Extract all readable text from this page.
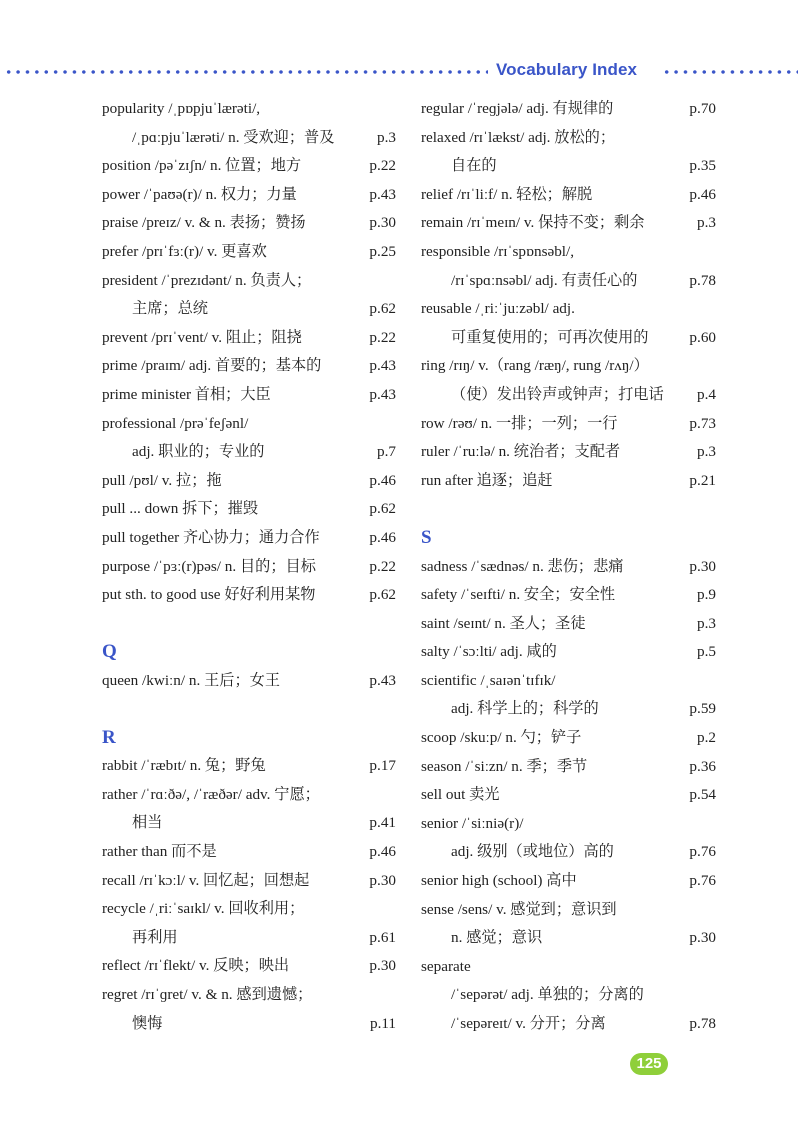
Vocabulary Index
popularity /ˌpɒpjuˈlærəti/,
/ˌpɑːpjuˈlærəti/ n. 受欢迎；普及	p.3
position /pəˈzɪʃn/ n. 位置；地方	p.22
power /ˈpaʊə(r)/ n. 权力；力量	p.43
praise /preɪz/ v. & n. 表扬；赞扬	p.30
prefer /prɪˈfɜː(r)/ v. 更喜欢	p.25
president /ˈprezɪdənt/ n. 负责人；
主席；总统	p.62
prevent /prɪˈvent/ v. 阻止；阻挠	p.22
prime /praɪm/ adj. 首要的；基本的	p.43
prime minister 首相；大臣	p.43
professional /prəˈfeʃənl/
adj. 职业的；专业的	p.7
pull /pʊl/ v. 拉；拖	p.46
pull ... down 拆下；摧毁	p.62
pull together 齐心协力；通力合作	p.46
purpose /ˈpɜː(r)pəs/ n. 目的；目标	p.22
put sth. to good use 好好利用某物	p.62
Q
queen /kwiːn/ n. 王后；女王	p.43
R
rabbit /ˈræbɪt/ n. 兔；野兔	p.17
rather /ˈrɑːðə/, /ˈræðər/ adv. 宁愿；
相当	p.41
rather than 而不是	p.46
recall /rɪˈkɔːl/ v. 回忆起；回想起	p.30
recycle /ˌriːˈsaɪkl/ v. 回收利用；
再利用	p.61
reflect /rɪˈflekt/ v. 反映；映出	p.30
regret /rɪˈɡret/ v. & n. 感到遗憾；
懊悔	p.11
regular /ˈreɡjələ/ adj. 有规律的	p.70
relaxed /rɪˈlækst/ adj. 放松的；
自在的	p.35
relief /rɪˈliːf/ n. 轻松；解脱	p.46
remain /rɪˈmeɪn/ v. 保持不变；剩余	p.3
responsible /rɪˈspɒnsəbl/,
/rɪˈspɑːnsəbl/ adj. 有责任心的	p.78
reusable /ˌriːˈjuːzəbl/ adj.
可重复使用的；可再次使用的	p.60
ring /rɪŋ/ v.（rang /ræŋ/, rung /rʌŋ/）
（使）发出铃声或钟声；打电话 p.4
row /rəʊ/ n. 一排；一列；一行	p.73
ruler /ˈruːlə/ n. 统治者；支配者	p.3
run after 追逐；追赶	p.21
S
sadness /ˈsædnəs/ n. 悲伤；悲痛	p.30
safety /ˈseɪfti/ n. 安全；安全性	p.9
saint /seɪnt/ n. 圣人；圣徒	p.3
salty /ˈsɔːlti/ adj. 咸的	p.5
scientific /ˌsaɪənˈtɪfɪk/
adj. 科学上的；科学的	p.59
scoop /skuːp/ n. 勺；铲子	p.2
season /ˈsiːzn/ n. 季；季节	p.36
sell out 卖光	p.54
senior /ˈsiːniə(r)/
adj. 级别（或地位）高的	p.76
senior high (school) 高中	p.76
sense /sens/ v. 感觉到；意识到
n. 感觉；意识	p.30
separate
/ˈsepərət/ adj. 单独的；分离的
/ˈsepəreɪt/ v. 分开；分离	p.78
125
